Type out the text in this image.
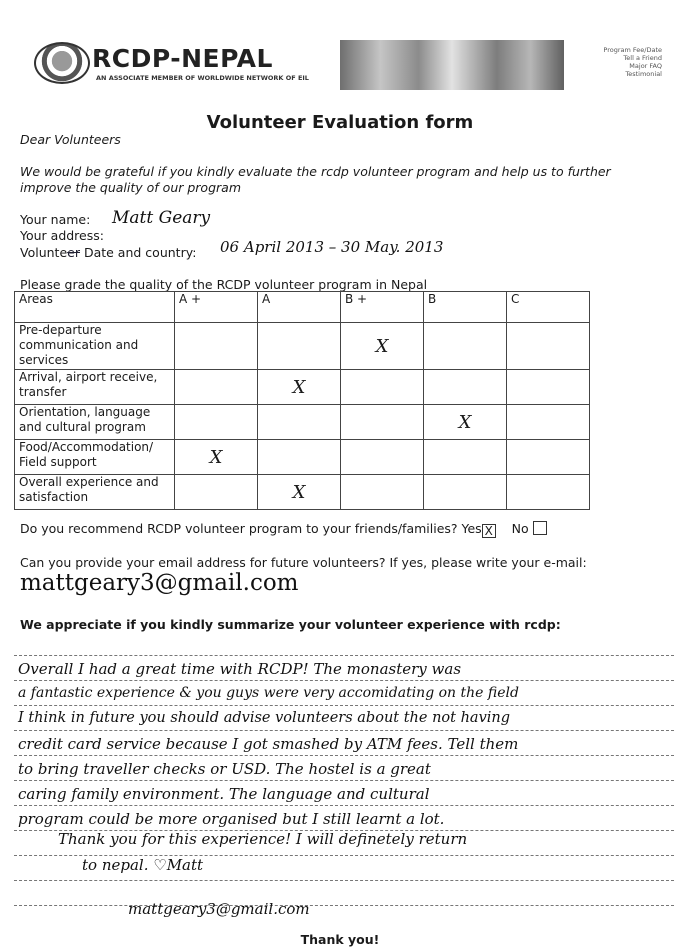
RCDP-NEPAL
AN ASSOCIATE MEMBER OF WORLDWIDE NETWORK OF EIL
Program Fee/Date
Tell a Friend
Major FAQ
Testimonial
Volunteer Evaluation form
Dear Volunteers
We would be grateful if you kindly evaluate the rcdp volunteer program and help us to further
improve the quality of our program
Your name: Matt Geary
Your address:
Volunteer Date and country: 06 April 2013 – 30 May. 2013
Please grade the quality of the RCDP volunteer program in Nepal
Areas	A +	A	B +	B	C
Pre-departure communication and services			X		
Arrival, airport receive, transfer		X			
Orientation, language and cultural program				X	
Food/Accommodation/ Field support	X				
Overall experience and satisfaction		X			
Do you recommend RCDP volunteer program to your friends/families? Yes X No
Can you provide your email address for future volunteers? If yes, please write your e-mail:
mattgeary3@gmail.com
We appreciate if you kindly summarize your volunteer experience with rcdp:
Overall I had a great time with RCDP! The monastery was
a fantastic experience & you guys were very accomidating on the field
I think in future you should advise volunteers about the not having
credit card service because I got smashed by ATM fees. Tell them
to bring traveller checks or USD. The hostel is a great
caring family environment. The language and cultural
program could be more organised but I still learnt a lot.
Thank you for this experience! I will definetely return
to nepal. ♡Matt
mattgeary3@gmail.com
Thank you!
